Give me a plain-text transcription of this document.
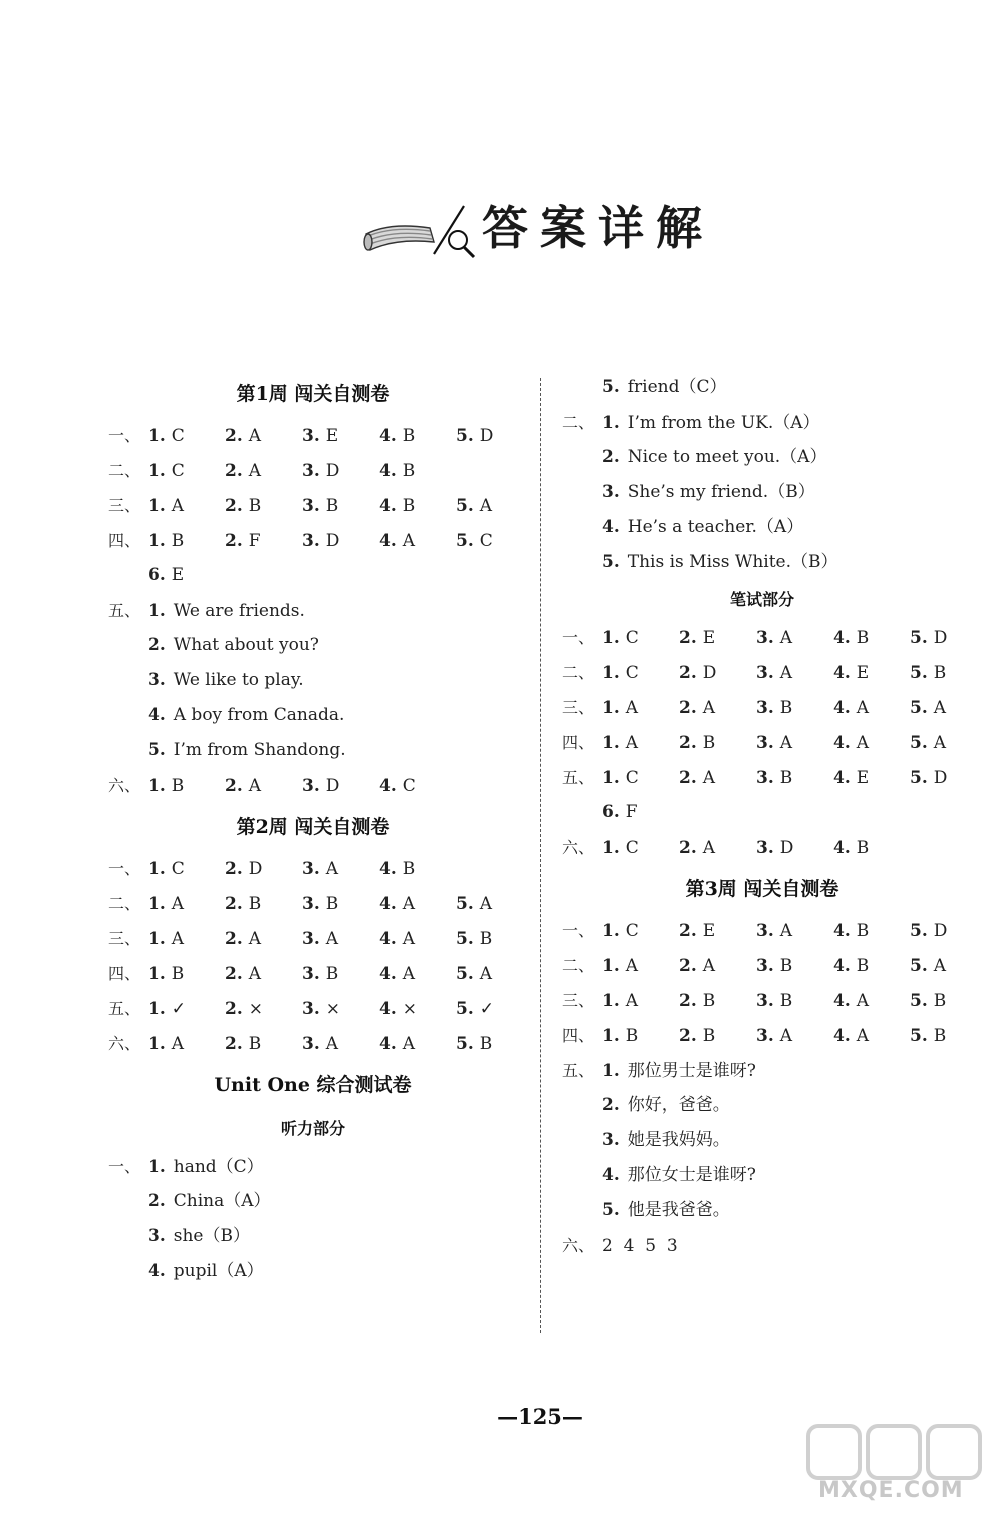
答案详解
第1周 闯关自测卷
一、 1. C 2. A 3. E 4. B 5. D
二、 1. C 2. A 3. D 4. B
三、 1. A 2. B 3. B 4. B 5. A
四、 1. B 2. F 3. D 4. A 5. C
6. E
五、 1. We are friends.
2. What about you?
3. We like to play.
4. A boy from Canada.
5. I’m from Shandong.
六、 1. B 2. A 3. D 4. C
第2周 闯关自测卷
一、 1. C 2. D 3. A 4. B
二、 1. A 2. B 3. B 4. A 5. A
三、 1. A 2. A 3. A 4. A 5. B
四、 1. B 2. A 3. B 4. A 5. A
五、 1. ✓ 2. × 3. × 4. × 5. ✓
六、 1. A 2. B 3. A 4. A 5. B
Unit One 综合测试卷
听力部分
一、 1. hand（C）
2. China（A）
3. she（B）
4. pupil（A）
5. friend（C）
二、 1. I’m from the UK.（A）
2. Nice to meet you.（A）
3. She’s my friend.（B）
4. He’s a teacher.（A）
5. This is Miss White.（B）
笔试部分
一、 1. C 2. E 3. A 4. B 5. D
二、 1. C 2. D 3. A 4. E 5. B
三、 1. A 2. A 3. B 4. A 5. A
四、 1. A 2. B 3. A 4. A 5. A
五、 1. C 2. A 3. B 4. E 5. D
6. F
六、 1. C 2. A 3. D 4. B
第3周 闯关自测卷
一、 1. C 2. E 3. A 4. B 5. D
二、 1. A 2. A 3. B 4. B 5. A
三、 1. A 2. B 3. B 4. A 5. B
四、 1. B 2. B 3. A 4. A 5. B
五、 1. 那位男士是谁呀?
2. 你好，爸爸。
3. 她是我妈妈。
4. 那位女士是谁呀?
5. 他是我爸爸。
六、 2  4  5  3
—125—
MXQE.COM
